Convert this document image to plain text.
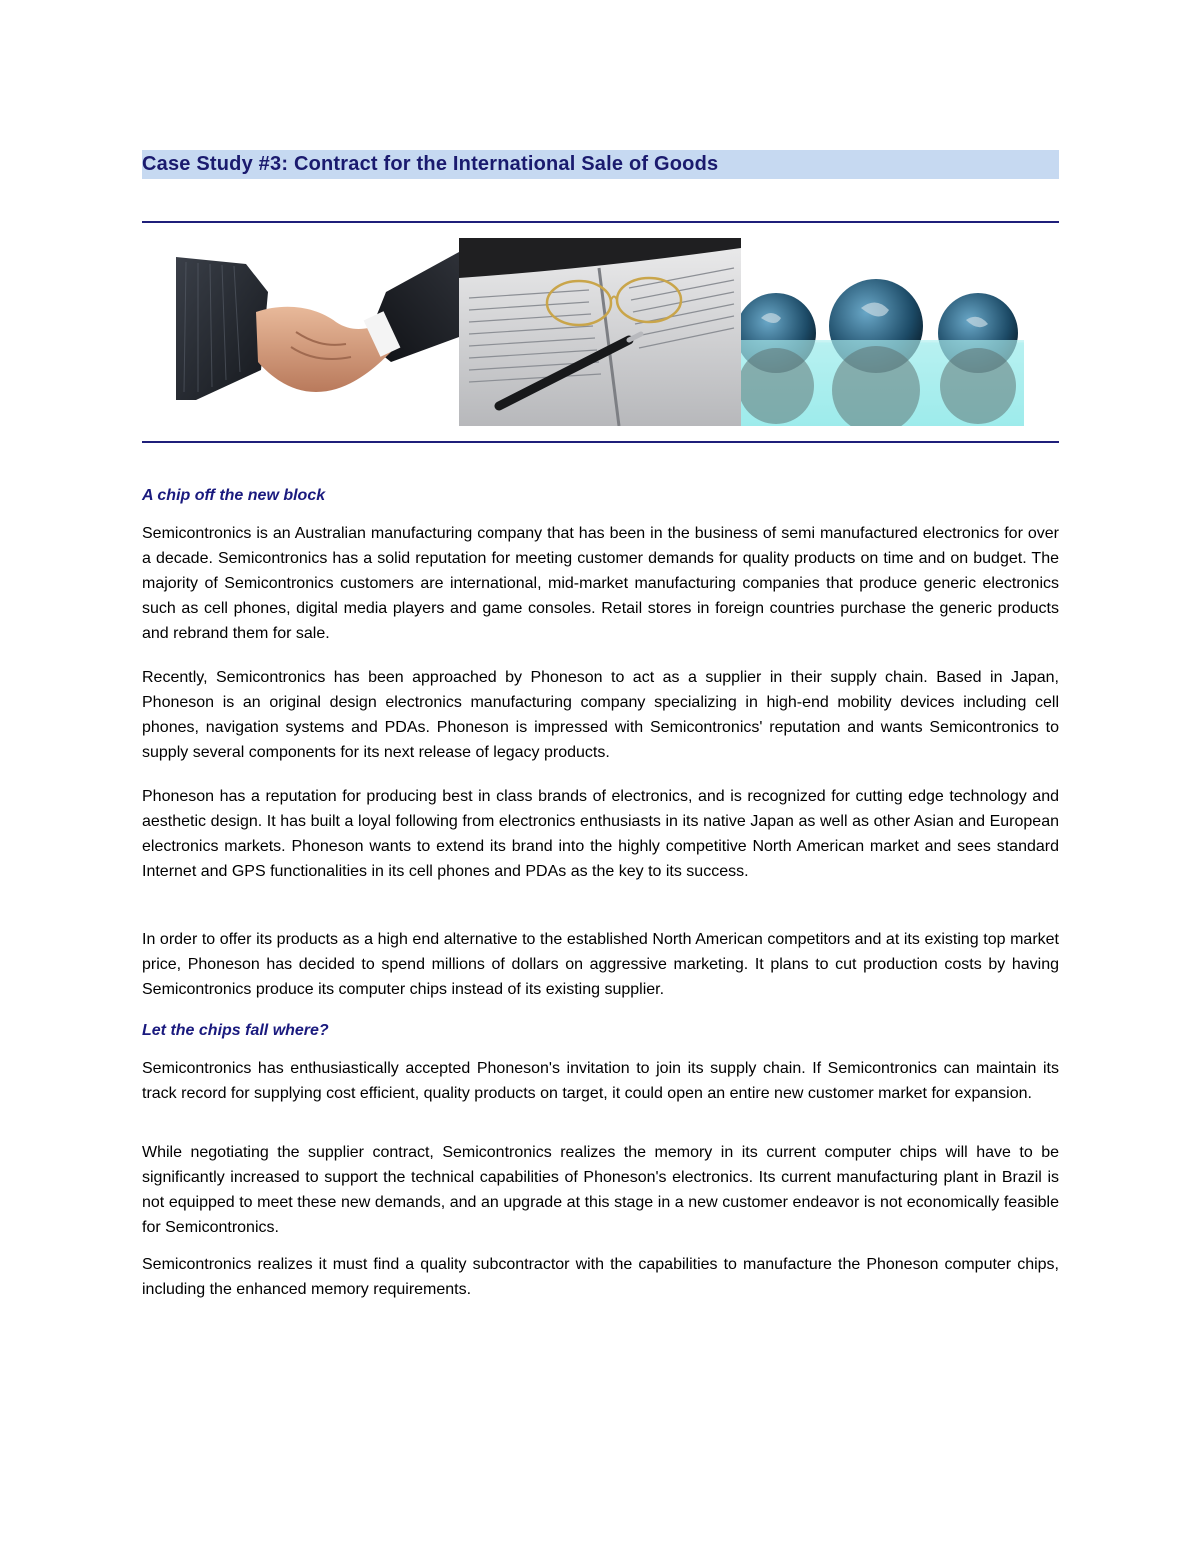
Case Study #3: Contract for the International Sale of Goods
A chip off the new block

Semicontronics is an Australian manufacturing company that has been in the business of semi manufactured electronics for over a decade. Semicontronics has a solid reputation for meeting customer demands for quality products on time and on budget. The majority of Semicontronics customers are international, mid-market manufacturing companies that produce generic electronics such as cell phones, digital media players and game consoles. Retail stores in foreign countries purchase the generic products and rebrand them for sale.

Recently, Semicontronics has been approached by Phoneson to act as a supplier in their supply chain. Based in Japan, Phoneson is an original design electronics manufacturing company specializing in high-end mobility devices including cell phones, navigation systems and PDAs. Phoneson is impressed with Semicontronics' reputation and wants Semicontronics to supply several components for its next release of legacy products.

Phoneson has a reputation for producing best in class brands of electronics, and is recognized for cutting edge technology and aesthetic design. It has built a loyal following from electronics enthusiasts in its native Japan as well as other Asian and European electronics markets. Phoneson wants to extend its brand into the highly competitive North American market and sees standard Internet and GPS functionalities in its cell phones and PDAs as the key to its success.

In order to offer its products as a high end alternative to the established North American competitors and at its existing top market price, Phoneson has decided to spend millions of dollars on aggressive marketing. It plans to cut production costs by having Semicontronics produce its computer chips instead of its existing supplier.

Let the chips fall where?

Semicontronics has enthusiastically accepted Phoneson's invitation to join its supply chain. If Semicontronics can maintain its track record for supplying cost efficient, quality products on target, it could open an entire new customer market for expansion.

While negotiating the supplier contract, Semicontronics realizes the memory in its current computer chips will have to be significantly increased to support the technical capabilities of Phoneson's electronics. Its current manufacturing plant in Brazil is not equipped to meet these new demands, and an upgrade at this stage in a new customer endeavor is not economically feasible for Semicontronics.

Semicontronics realizes it must find a quality subcontractor with the capabilities to manufacture the Phoneson computer chips, including the enhanced memory requirements.
